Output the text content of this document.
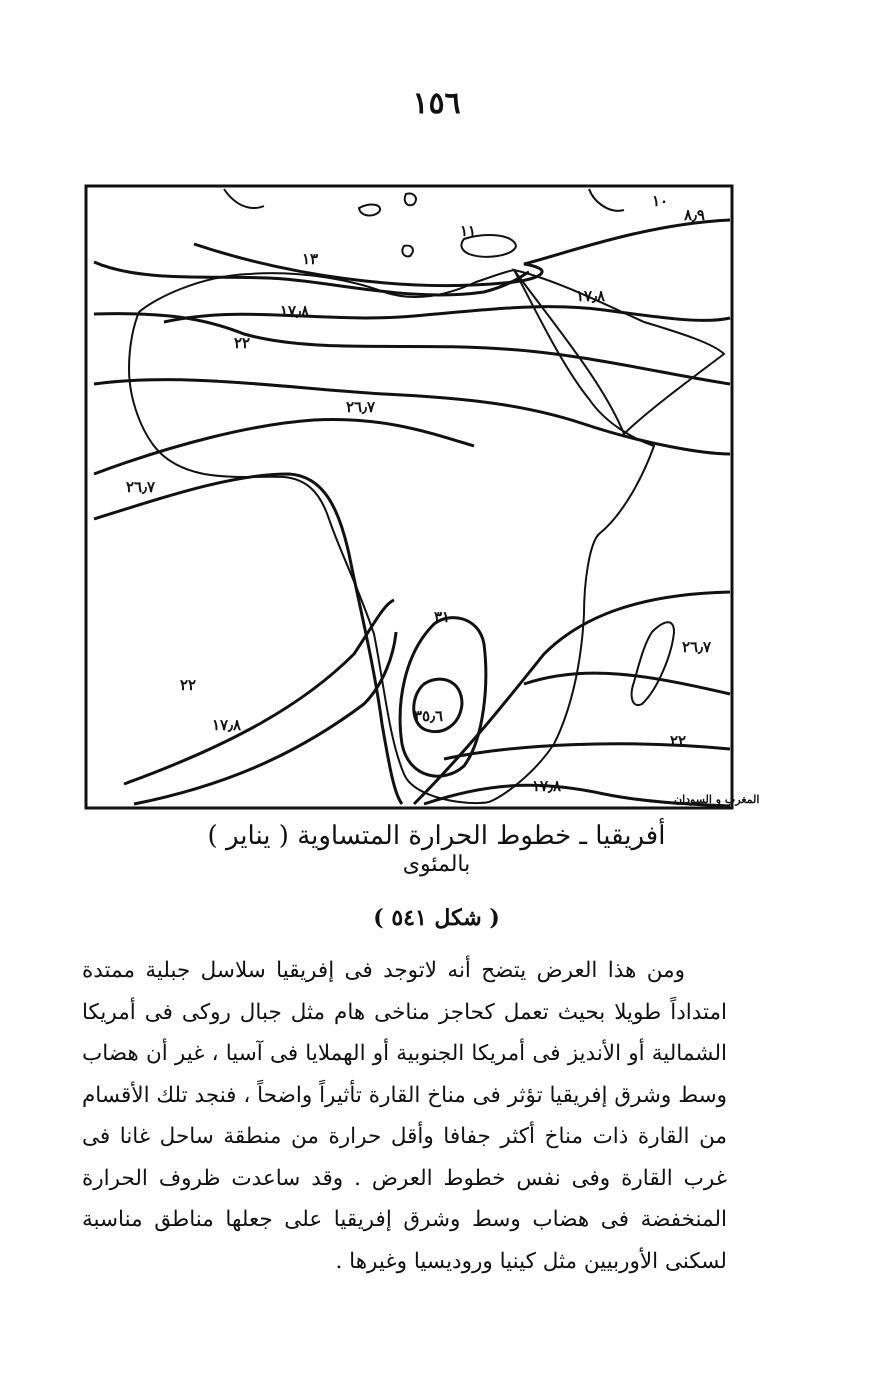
١٥٦
١٠
٨٫٩
١١
١٣
١٧٫٨
١٧٫٨
٢٢
٢٦٫٧
٢٦٫٧
٣١
٣٥٫٦
٢٢
١٧٫٨
٢٦٫٧
٢٢
١٧٫٨
المغرب و السودان
أفريقيا ـ خطوط الحرارة المتساوية ( يناير )
بالمئوى
( شكل ٥٤١ )

ومن هذا العرض يتضح أنه لاتوجد فى إفريقيا سلاسل جبلية ممتدة امتداداً طويلا بحيث تعمل كحاجز مناخى هام مثل جبال روكى فى أمريكا الشمالية أو الأنديز فى أمريكا الجنوبية أو الهملايا فى آسيا ، غير أن هضاب وسط وشرق إفريقيا تؤثر فى مناخ القارة تأثيراً واضحاً ، فنجد تلك الأقسام من القارة ذات مناخ أكثر جفافا وأقل حرارة من منطقة ساحل غانا فى غرب القارة وفى نفس خطوط العرض . وقد ساعدت ظروف الحرارة المنخفضة فى هضاب وسط وشرق إفريقيا على جعلها مناطق مناسبة لسكنى الأوربيين مثل كينيا وروديسيا وغيرها .
